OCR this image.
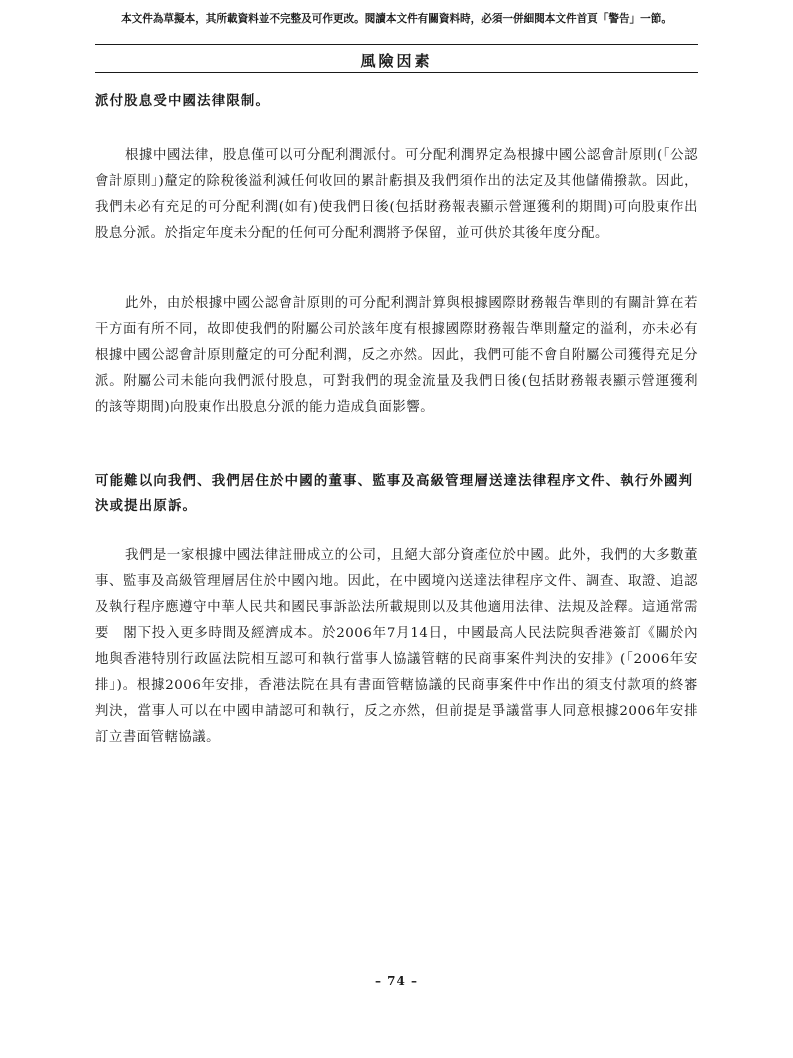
本文件為草擬本，其所載資料並不完整及可作更改。閱讀本文件有關資料時，必須一併細閱本文件首頁「警告」一節。
風險因素
派付股息受中國法律限制。
根據中國法律，股息僅可以可分配利潤派付。可分配利潤界定為根據中國公認會計原則(「公認會計原則」)釐定的除稅後溢利減任何收回的累計虧損及我們須作出的法定及其他儲備撥款。因此，我們未必有充足的可分配利潤(如有)使我們日後(包括財務報表顯示營運獲利的期間)可向股東作出股息分派。於指定年度未分配的任何可分配利潤將予保留，並可供於其後年度分配。
此外，由於根據中國公認會計原則的可分配利潤計算與根據國際財務報告準則的有關計算在若干方面有所不同，故即使我們的附屬公司於該年度有根據國際財務報告準則釐定的溢利，亦未必有根據中國公認會計原則釐定的可分配利潤，反之亦然。因此，我們可能不會自附屬公司獲得充足分派。附屬公司未能向我們派付股息，可對我們的現金流量及我們日後(包括財務報表顯示營運獲利的該等期間)向股東作出股息分派的能力造成負面影響。
可能難以向我們、我們居住於中國的董事、監事及高級管理層送達法律程序文件、執行外國判決或提出原訴。
我們是一家根據中國法律註冊成立的公司，且絕大部分資產位於中國。此外，我們的大多數董事、監事及高級管理層居住於中國內地。因此，在中國境內送達法律程序文件、調查、取證、追認及執行程序應遵守中華人民共和國民事訴訟法所載規則以及其他適用法律、法規及詮釋。這通常需要　閣下投入更多時間及經濟成本。於2006年7月14日，中國最高人民法院與香港簽訂《關於內地與香港特別行政區法院相互認可和執行當事人協議管轄的民商事案件判決的安排》(「2006年安排」)。根據2006年安排，香港法院在具有書面管轄協議的民商事案件中作出的須支付款項的終審判決，當事人可以在中國申請認可和執行，反之亦然，但前提是爭議當事人同意根據2006年安排訂立書面管轄協議。
– 74 –
